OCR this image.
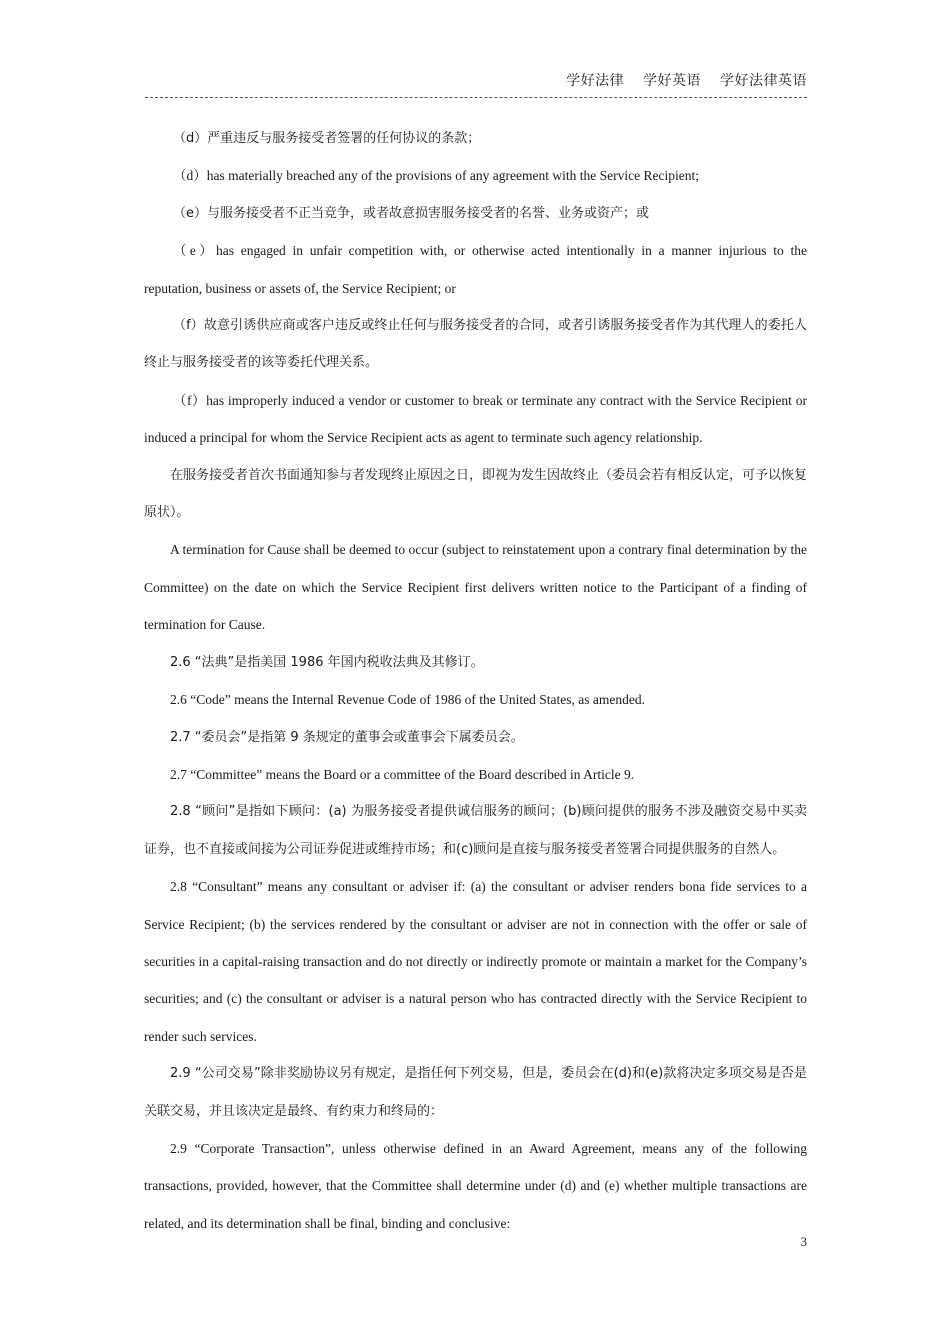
学好法律 学好英语 学好法律英语

（d）严重违反与服务接受者签署的任何协议的条款；

（d）has materially breached any of the provisions of any agreement with the Service Recipient;

（e）与服务接受者不正当竞争，或者故意损害服务接受者的名誉、业务或资产；或

（e）has engaged in unfair competition with, or otherwise acted intentionally in a manner injurious to the reputation, business or assets of, the Service Recipient; or

（f）故意引诱供应商或客户违反或终止任何与服务接受者的合同，或者引诱服务接受者作为其代理人的委托人终止与服务接受者的该等委托代理关系。

（f）has improperly induced a vendor or customer to break or terminate any contract with the Service Recipient or induced a principal for whom the Service Recipient acts as agent to terminate such agency relationship.

在服务接受者首次书面通知参与者发现终止原因之日，即视为发生因故终止（委员会若有相反认定，可予以恢复原状）。

A termination for Cause shall be deemed to occur (subject to reinstatement upon a contrary final determination by the Committee) on the date on which the Service Recipient first delivers written notice to the Participant of a finding of termination for Cause.

2.6 “法典”是指美国 1986 年国内税收法典及其修订。

2.6 “Code” means the Internal Revenue Code of 1986 of the United States, as amended.

2.7 “委员会”是指第 9 条规定的董事会或董事会下属委员会。

2.7 “Committee” means the Board or a committee of the Board described in Article 9.

2.8 “顾问”是指如下顾问：(a) 为服务接受者提供诚信服务的顾问；(b)顾问提供的服务不涉及融资交易中买卖证券，也不直接或间接为公司证券促进或维持市场；和(c)顾问是直接与服务接受者签署合同提供服务的自然人。

2.8 “Consultant” means any consultant or adviser if: (a) the consultant or adviser renders bona fide services to a Service Recipient; (b) the services rendered by the consultant or adviser are not in connection with the offer or sale of securities in a capital-raising transaction and do not directly or indirectly promote or maintain a market for the Company’s securities; and (c) the consultant or adviser is a natural person who has contracted directly with the Service Recipient to render such services.

2.9 “公司交易”除非奖励协议另有规定，是指任何下列交易，但是，委员会在(d)和(e)款将决定多项交易是否是关联交易，并且该决定是最终、有约束力和终局的：

2.9 “Corporate Transaction”, unless otherwise defined in an Award Agreement, means any of the following transactions, provided, however, that the Committee shall determine under (d) and (e) whether multiple transactions are related, and its determination shall be final, binding and conclusive:

3
